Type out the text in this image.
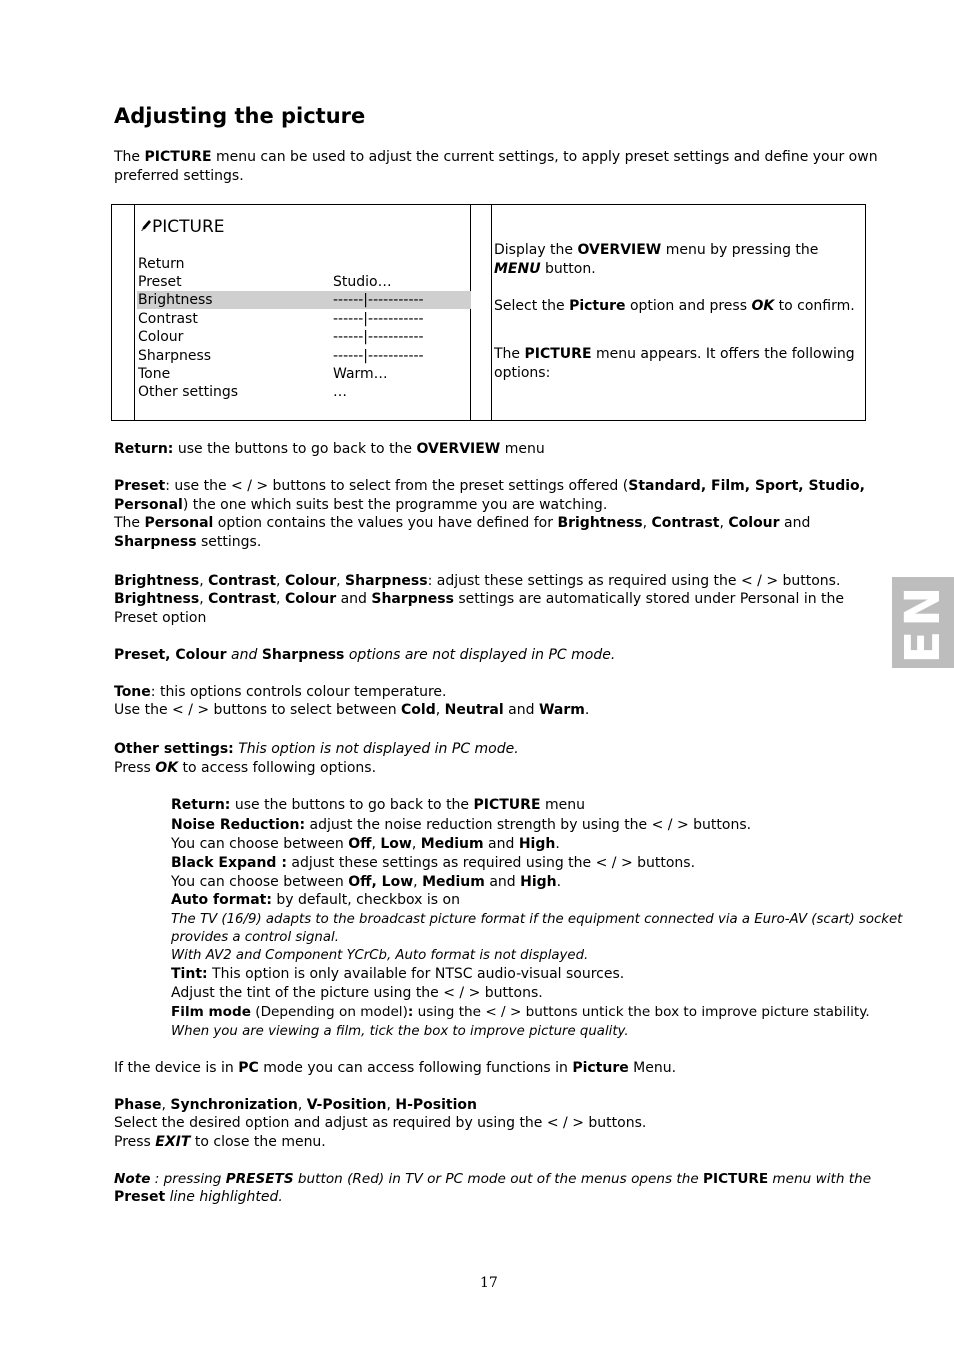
Adjusting the picture
The PICTURE menu can be used to adjust the current settings, to apply preset settings and define your own
preferred settings.
PICTURE
Return
Preset	Studio…
Brightness	------|-----------
Contrast	------|-----------
Colour	------|-----------
Sharpness	------|-----------
Tone	Warm…
Other settings	…
Display the OVERVIEW menu by pressing the
MENU button.
Select the Picture option and press OK to confirm.
The PICTURE menu appears. It offers the following
options:
Return: use the buttons to go back to the OVERVIEW menu
Preset: use the < / > buttons to select from the preset settings offered (Standard, Film, Sport, Studio,
Personal) the one which suits best the programme you are watching.
The Personal option contains the values you have defined for Brightness, Contrast, Colour and
Sharpness settings.
Brightness, Contrast, Colour, Sharpness: adjust these settings as required using the < / > buttons.
Brightness, Contrast, Colour and Sharpness settings are automatically stored under Personal in the
Preset option
Preset, Colour and Sharpness options are not displayed in PC mode.
Tone: this options controls colour temperature.
Use the < / > buttons to select between Cold, Neutral and Warm.
Other settings: This option is not displayed in PC mode.
Press OK to access following options.
Return: use the buttons to go back to the PICTURE menu
Noise Reduction: adjust the noise reduction strength by using the < / > buttons.
You can choose between Off, Low, Medium and High.
Black Expand : adjust these settings as required using the < / > buttons.
You can choose between Off, Low, Medium and High.
Auto format: by default, checkbox is on
The TV (16/9) adapts to the broadcast picture format if the equipment connected via a Euro-AV (scart) socket
provides a control signal.
With AV2 and Component YCrCb, Auto format is not displayed.
Tint: This option is only available for NTSC audio-visual sources.
Adjust the tint of the picture using the < / > buttons.
Film mode (Depending on model): using the < / > buttons untick the box to improve picture stability.
When you are viewing a film, tick the box to improve picture quality.
If the device is in PC mode you can access following functions in Picture Menu.
Phase, Synchronization, V-Position, H-Position
Select the desired option and adjust as required by using the < / > buttons.
Press EXIT to close the menu.
Note : pressing PRESETS button (Red) in TV or PC mode out of the menus opens the PICTURE menu with the
Preset line highlighted.
EN
17
